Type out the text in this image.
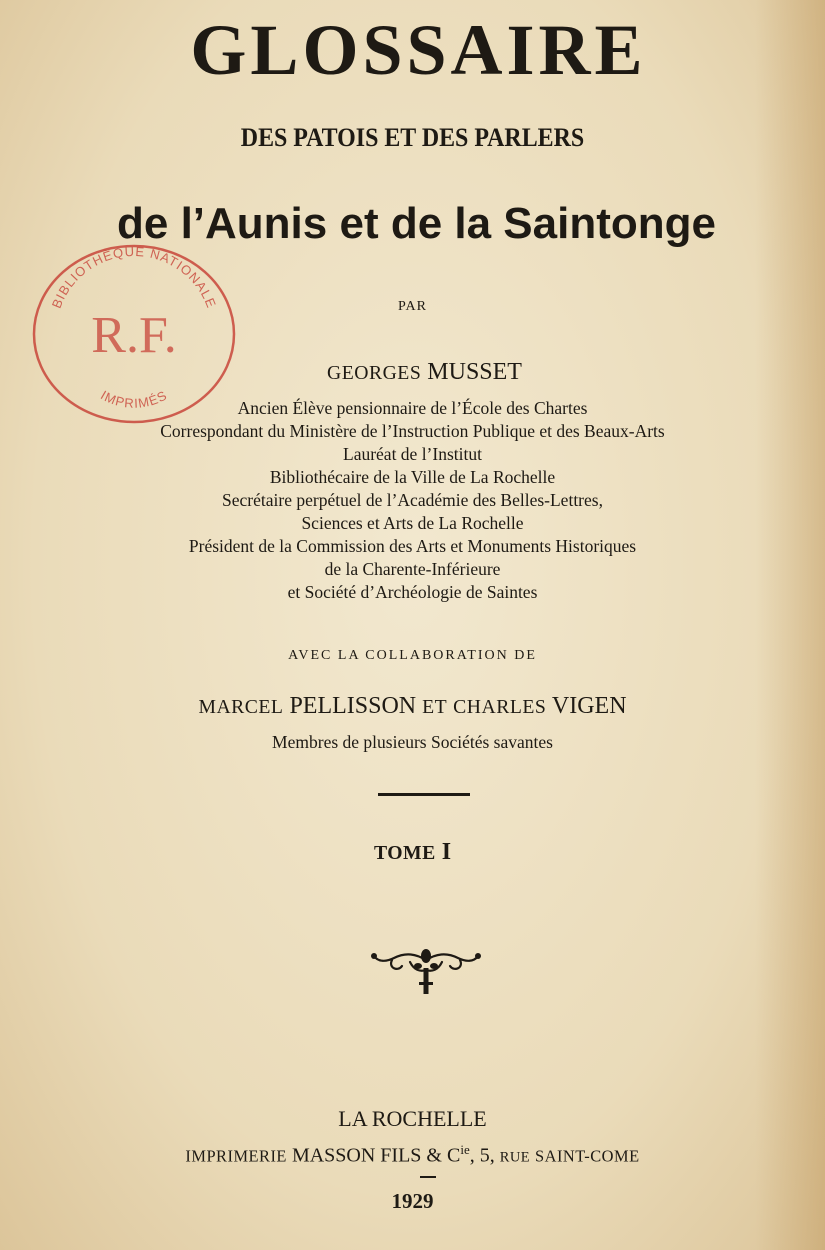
BIBLIOTHÈQUE NATIONALE
IMPRIMÉS
R.F.
GLOSSAIRE
DES PATOIS ET DES PARLERS
de l’Aunis et de la Saintonge
PAR
GEORGES MUSSET
Ancien Élève pensionnaire de l’École des Chartes
Correspondant du Ministère de l’Instruction Publique et des Beaux-Arts
Lauréat de l’Institut
Bibliothécaire de la Ville de La Rochelle
Secrétaire perpétuel de l’Académie des Belles-Lettres,
Sciences et Arts de La Rochelle
Président de la Commission des Arts et Monuments Historiques
de la Charente-Inférieure
et Société d’Archéologie de Saintes
AVEC LA COLLABORATION DE
MARCEL PELLISSON ET CHARLES VIGEN
Membres de plusieurs Sociétés savantes
TOME I
LA ROCHELLE
IMPRIMERIE MASSON FILS & $C^{ie}$, 5, RUE SAINT-COME
1929
